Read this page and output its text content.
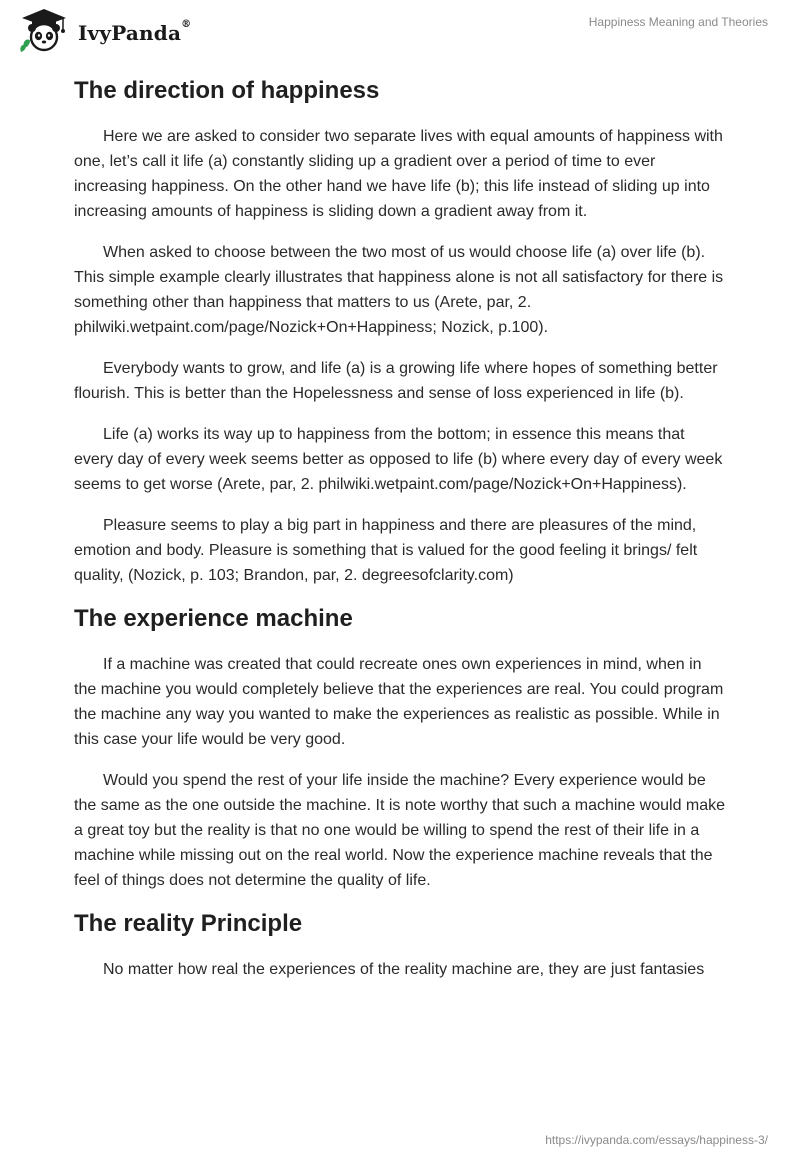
IvyPanda®	Happiness Meaning and Theories
The direction of happiness

Here we are asked to consider two separate lives with equal amounts of happiness with one, let’s call it life (a) constantly sliding up a gradient over a period of time to ever increasing happiness. On the other hand we have life (b); this life instead of sliding up into increasing amounts of happiness is sliding down a gradient away from it.

When asked to choose between the two most of us would choose life (a) over life (b). This simple example clearly illustrates that happiness alone is not all satisfactory for there is something other than happiness that matters to us (Arete, par, 2. philwiki.wetpaint.com/page/Nozick+On+Happiness; Nozick, p.100).

Everybody wants to grow, and life (a) is a growing life where hopes of something better flourish. This is better than the Hopelessness and sense of loss experienced in life (b).

Life (a) works its way up to happiness from the bottom; in essence this means that every day of every week seems better as opposed to life (b) where every day of every week seems to get worse (Arete, par, 2. philwiki.wetpaint.com/page/Nozick+On+Happiness).

Pleasure seems to play a big part in happiness and there are pleasures of the mind, emotion and body. Pleasure is something that is valued for the good feeling it brings/ felt quality, (Nozick, p. 103; Brandon, par, 2. degreesofclarity.com)

The experience machine

If a machine was created that could recreate ones own experiences in mind, when in the machine you would completely believe that the experiences are real. You could program the machine any way you wanted to make the experiences as realistic as possible. While in this case your life would be very good.

Would you spend the rest of your life inside the machine? Every experience would be the same as the one outside the machine. It is note worthy that such a machine would make a great toy but the reality is that no one would be willing to spend the rest of their life in a machine while missing out on the real world. Now the experience machine reveals that the feel of things does not determine the quality of life.

The reality Principle

No matter how real the experiences of the reality machine are, they are just fantasies

https://ivypanda.com/essays/happiness-3/
